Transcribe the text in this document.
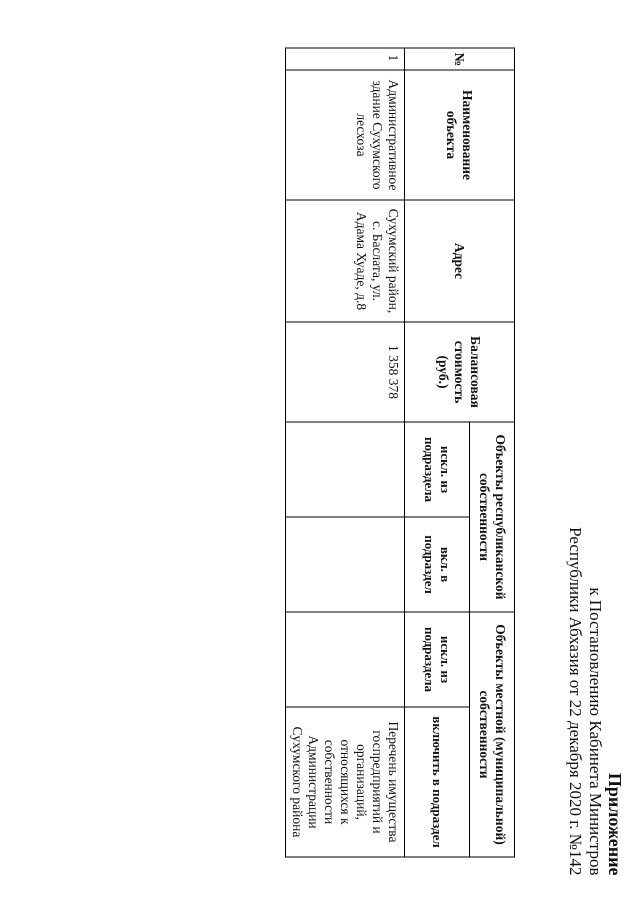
Приложение
к Постановлению Кабинета Министров
Республики Абхазия от 22 декабря 2020 г. №142
№	Наименование объекта	Адрес	Балансовая стоимость (руб.)	Объекты республиканской собственности		Объекты местной (муниципальной) собственности	
				искл. из подраздела	вкл. в подраздел	искл. из подраздела	включить в подраздел
1	Административное здание Сухумского лесхоза	Сухумский район, с. Баслата, ул. Адама Хуаде, д.8	1 358 378				Перечень имущества госпредприятий и организаций, относящихся к собственности Администрации Сухумского района
